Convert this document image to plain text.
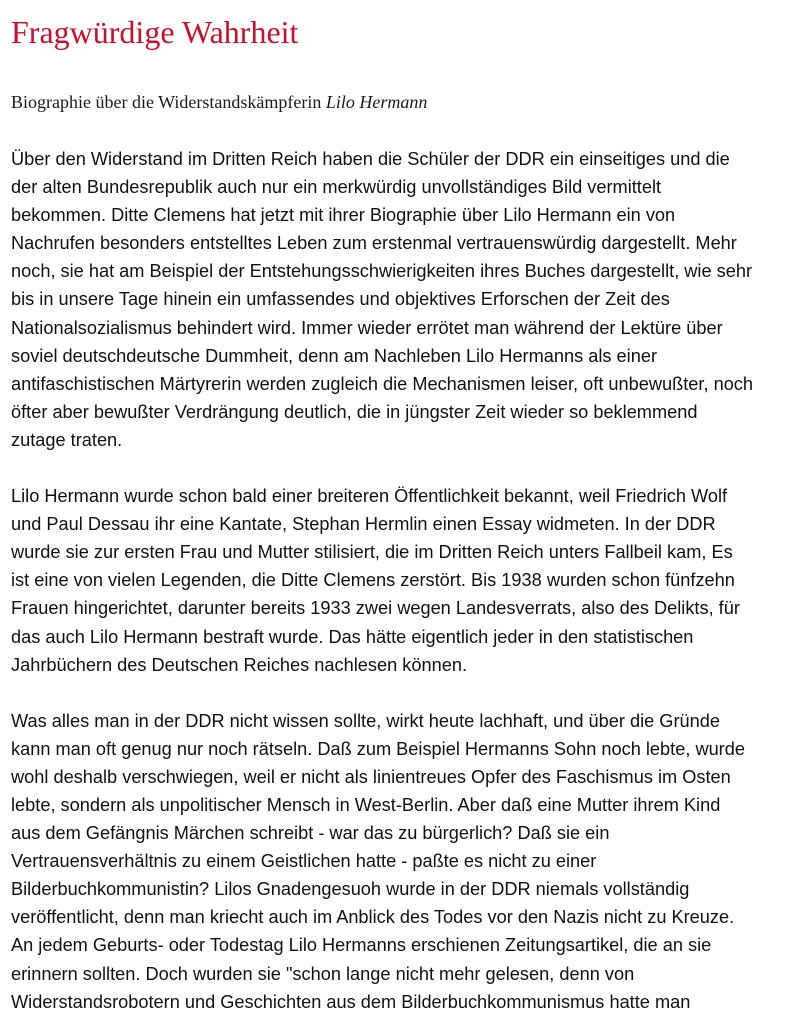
Fragwürdige Wahrheit

Biographie über die Widerstandskämpferin Lilo Hermann

Über den Widerstand im Dritten Reich haben die Schüler der DDR ein einseitiges und die
der alten Bundesrepublik auch nur ein merkwürdig unvollständiges Bild vermittelt
bekommen. Ditte Clemens hat jetzt mit ihrer Biographie über Lilo Hermann ein von
Nachrufen besonders entstelltes Leben zum erstenmal vertrauenswürdig dargestellt. Mehr
noch, sie hat am Beispiel der Entstehungsschwierigkeiten ihres Buches dargestellt, wie sehr
bis in unsere Tage hinein ein umfassendes und objektives Erforschen der Zeit des
Nationalsozialismus behindert wird. Immer wieder errötet man während der Lektüre über
soviel deutschdeutsche Dummheit, denn am Nachleben Lilo Hermanns als einer
antifaschistischen Märtyrerin werden zugleich die Mechanismen leiser, oft unbewußter, noch
öfter aber bewußter Verdrängung deutlich, die in jüngster Zeit wieder so beklemmend
zutage traten.

Lilo Hermann wurde schon bald einer breiteren Öffentlichkeit bekannt, weil Friedrich Wolf
und Paul Dessau ihr eine Kantate, Stephan Hermlin einen Essay widmeten. In der DDR
wurde sie zur ersten Frau und Mutter stilisiert, die im Dritten Reich unters Fallbeil kam, Es
ist eine von vielen Legenden, die Ditte Clemens zerstört. Bis 1938 wurden schon fünfzehn
Frauen hingerichtet, darunter bereits 1933 zwei wegen Landesverrats, also des Delikts, für
das auch Lilo Hermann bestraft wurde. Das hätte eigentlich jeder in den statistischen
Jahrbüchern des Deutschen Reiches nachlesen können.

Was alles man in der DDR nicht wissen sollte, wirkt heute lachhaft, und über die Gründe
kann man oft genug nur noch rätseln. Daß zum Beispiel Hermanns Sohn noch lebte, wurde
wohl deshalb verschwiegen, weil er nicht als linientreues Opfer des Faschismus im Osten
lebte, sondern als unpolitischer Mensch in West-Berlin. Aber daß eine Mutter ihrem Kind
aus dem Gefängnis Märchen schreibt - war das zu bürgerlich? Daß sie ein
Vertrauensverhältnis zu einem Geistlichen hatte - paßte es nicht zu einer
Bilderbuchkommunistin? Lilos Gnadengesuoh wurde in der DDR niemals vollständig
veröffentlicht, denn man kriecht auch im Anblick des Todes vor den Nazis nicht zu Kreuze.
An jedem Geburts- oder Todestag Lilo Hermanns erschienen Zeitungsartikel, die an sie
erinnern sollten. Doch wurden sie "schon lange nicht mehr gelesen, denn von
Widerstandsrobotern und Geschichten aus dem Bilderbuchkommunismus hatte man
